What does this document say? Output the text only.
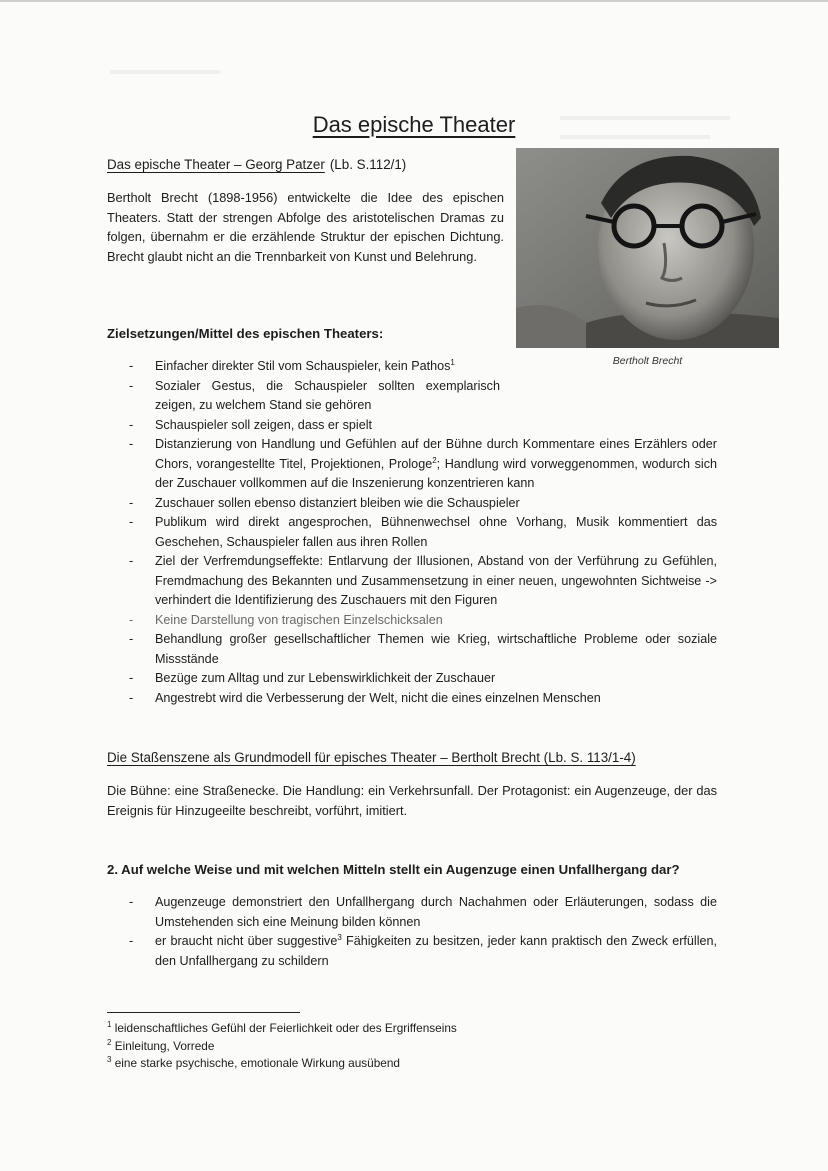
Das epische Theater
Das epische Theater – Georg Patzer (Lb. S.112/1)

Bertholt Brecht (1898-1956) entwickelte die Idee des epischen Theaters. Statt der strengen Abfolge des aristotelischen Dramas zu folgen, übernahm er die erzählende Struktur der epischen Dichtung. Brecht glaubt nicht an die Trennbarkeit von Kunst und Belehrung.

Bertholt Brecht
Zielsetzungen/Mittel des epischen Theaters:
- Einfacher direkter Stil vom Schauspieler, kein Pathos$^1$
- Sozialer Gestus, die Schauspieler sollten exemplarisch zeigen, zu welchem Stand sie gehören
- Schauspieler soll zeigen, dass er spielt
- Distanzierung von Handlung und Gefühlen auf der Bühne durch Kommentare eines Erzählers oder Chors, vorangestellte Titel, Projektionen, Prologe$^2$; Handlung wird vorweggenommen, wodurch sich der Zuschauer vollkommen auf die Inszenierung konzentrieren kann
- Zuschauer sollen ebenso distanziert bleiben wie die Schauspieler
- Publikum wird direkt angesprochen, Bühnenwechsel ohne Vorhang, Musik kommentiert das Geschehen, Schauspieler fallen aus ihren Rollen
- Ziel der Verfremdungseffekte: Entlarvung der Illusionen, Abstand von der Verführung zu Gefühlen, Fremdmachung des Bekannten und Zusammensetzung in einer neuen, ungewohnten Sichtweise -> verhindert die Identifizierung des Zuschauers mit den Figuren
- Keine Darstellung von tragischen Einzelschicksalen
- Behandlung großer gesellschaftlicher Themen wie Krieg, wirtschaftliche Probleme oder soziale Missstände
- Bezüge zum Alltag und zur Lebenswirklichkeit der Zuschauer
- Angestrebt wird die Verbesserung der Welt, nicht die eines einzelnen Menschen
Die Staßenszene als Grundmodell für episches Theater – Bertholt Brecht (Lb. S. 113/1-4)

Die Bühne: eine Straßenecke. Die Handlung: ein Verkehrsunfall. Der Protagonist: ein Augenzeuge, der das Ereignis für Hinzugeeilte beschreibt, vorführt, imitiert.

2. Auf welche Weise und mit welchen Mitteln stellt ein Augenzuge einen Unfallhergang dar?
- Augenzeuge demonstriert den Unfallhergang durch Nachahmen oder Erläuterungen, sodass die Umstehenden sich eine Meinung bilden können
- er braucht nicht über suggestive$^3$ Fähigkeiten zu besitzen, jeder kann praktisch den Zweck erfüllen, den Unfallhergang zu schildern
$^1$ leidenschaftliches Gefühl der Feierlichkeit oder des Ergriffenseins
$^2$ Einleitung, Vorrede
$^3$ eine starke psychische, emotionale Wirkung ausübend
